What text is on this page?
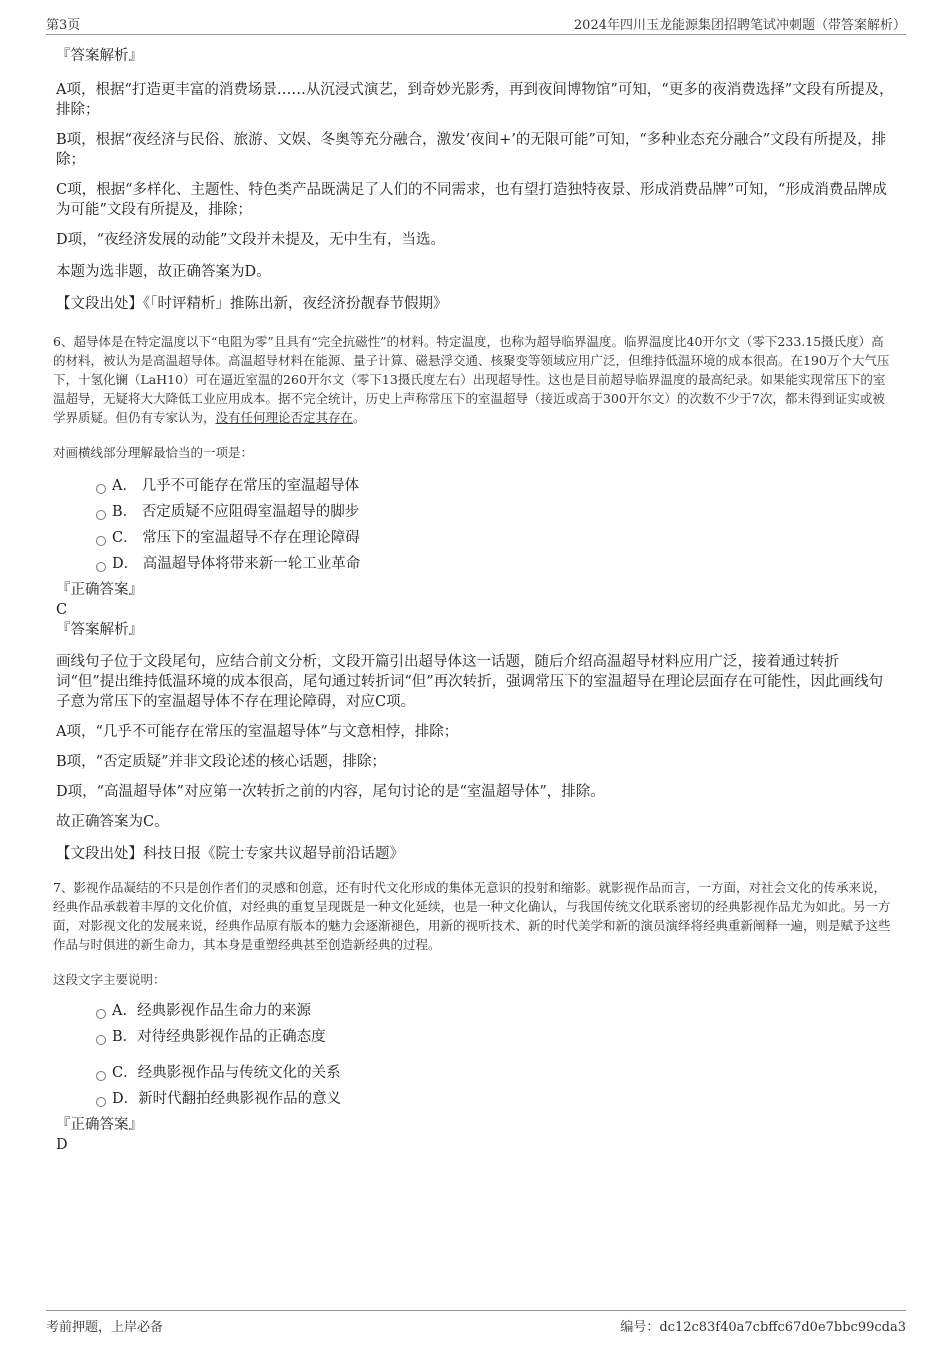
第3页	2024年四川玉龙能源集团招聘笔试冲刺题（带答案解析）

『答案解析』

A项，根据“打造更丰富的消费场景……从沉浸式演艺，到奇妙光影秀，再到夜间博物馆”可知，“更多的夜消费选择”文段有所提及，排除；

B项，根据“夜经济与民俗、旅游、文娱、冬奥等充分融合，激发‘夜间+’的无限可能”可知，“多种业态充分融合”文段有所提及，排除；

C项，根据“多样化、主题性、特色类产品既满足了人们的不同需求，也有望打造独特夜景、形成消费品牌”可知，“形成消费品牌成为可能”文段有所提及，排除；

D项，“夜经济发展的动能”文段并未提及，无中生有，当选。

本题为选非题，故正确答案为D。

【文段出处】《「时评精析」推陈出新，夜经济扮靓春节假期》

6、超导体是在特定温度以下“电阻为零”且具有“完全抗磁性”的材料。特定温度，也称为超导临界温度。临界温度比40开尔文（零下233.15摄氏度）高的材料，被认为是高温超导体。高温超导材料在能源、量子计算、磁悬浮交通、核聚变等领域应用广泛，但维持低温环境的成本很高。在190万个大气压下，十氢化镧（LaH10）可在逼近室温的260开尔文（零下13摄氏度左右）出现超导性。这也是目前超导临界温度的最高纪录。如果能实现常压下的室温超导，无疑将大大降低工业应用成本。据不完全统计，历史上声称常压下的室温超导（接近或高于300开尔文）的次数不少于7次，都未得到证实或被学界质疑。但仍有专家认为，没有任何理论否定其存在。

对画横线部分理解最恰当的一项是：

A． 几乎不可能存在常压的室温超导体
B． 否定质疑不应阻碍室温超导的脚步
C． 常压下的室温超导不存在理论障碍
D． 高温超导体将带来新一轮工业革命

『正确答案』

C

『答案解析』

画线句子位于文段尾句，应结合前文分析，文段开篇引出超导体这一话题，随后介绍高温超导材料应用广泛，接着通过转折词“但”提出维持低温环境的成本很高，尾句通过转折词“但”再次转折，强调常压下的室温超导在理论层面存在可能性，因此画线句子意为常压下的室温超导体不存在理论障碍，对应C项。

A项，“几乎不可能存在常压的室温超导体”与文意相悖，排除；

B项，“否定质疑”并非文段论述的核心话题，排除；

D项，“高温超导体”对应第一次转折之前的内容，尾句讨论的是“室温超导体”，排除。

故正确答案为C。

【文段出处】科技日报《院士专家共议超导前沿话题》

7、影视作品凝结的不只是创作者们的灵感和创意，还有时代文化形成的集体无意识的投射和缩影。就影视作品而言，一方面，对社会文化的传承来说，经典作品承载着丰厚的文化价值，对经典的重复呈现既是一种文化延续，也是一种文化确认，与我国传统文化联系密切的经典影视作品尤为如此。另一方面，对影视文化的发展来说，经典作品原有版本的魅力会逐渐褪色，用新的视听技术、新的时代美学和新的演员演绎将经典重新阐释一遍，则是赋予这些作品与时俱进的新生命力，其本身是重塑经典甚至创造新经典的过程。

这段文字主要说明：

A．经典影视作品生命力的来源
B．对待经典影视作品的正确态度
C．经典影视作品与传统文化的关系
D．新时代翻拍经典影视作品的意义

『正确答案』

D

考前押题，上岸必备	编号：dc12c83f40a7cbffc67d0e7bbc99cda3
